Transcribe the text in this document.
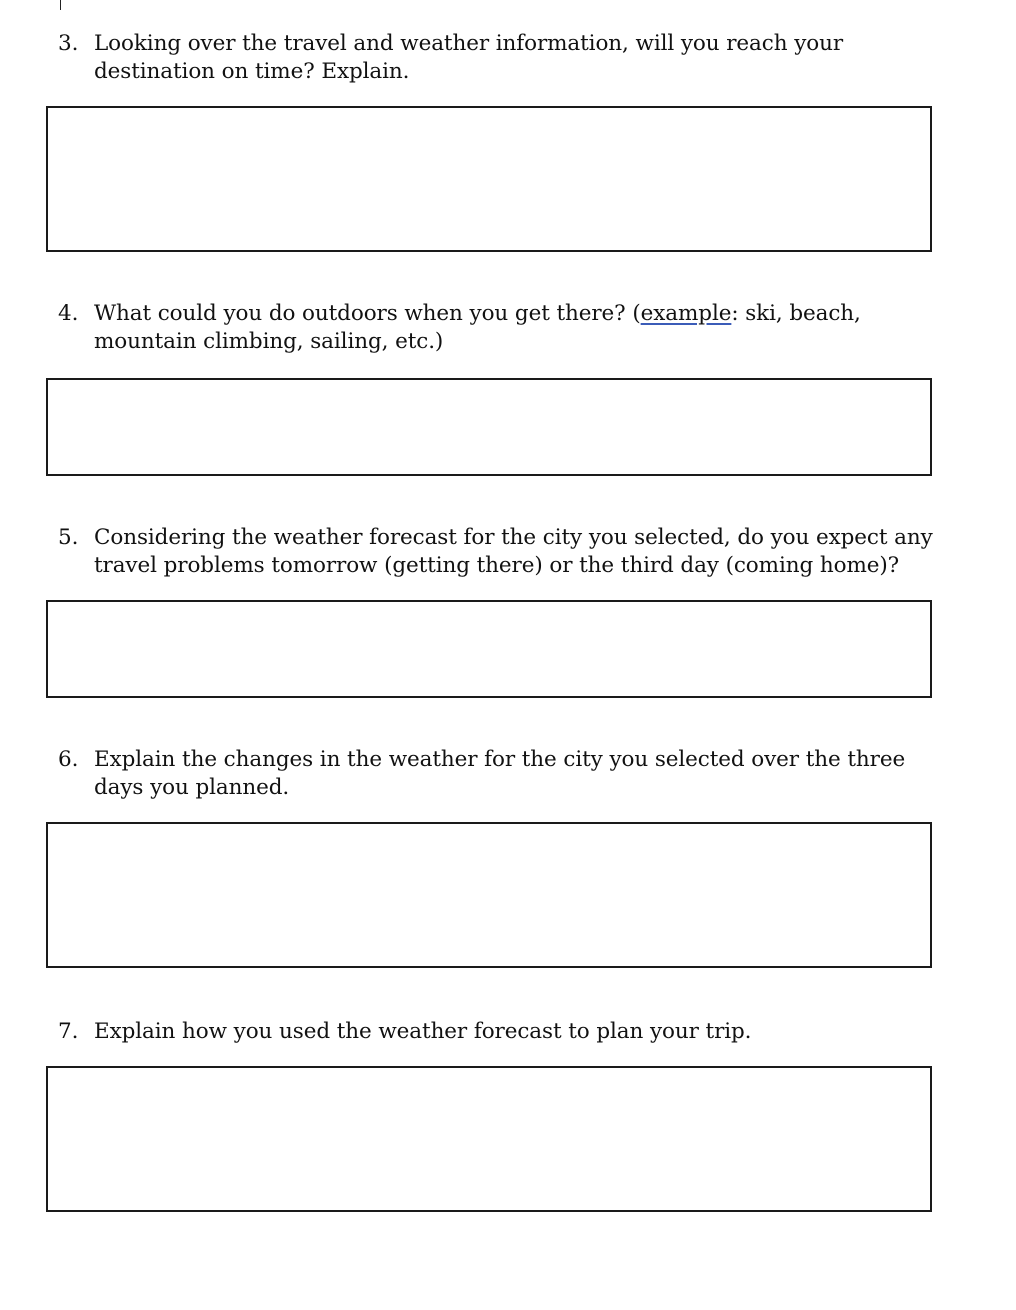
3. Looking over the travel and weather information, will you reach your destination on time? Explain.
4. What could you do outdoors when you get there? (example: ski, beach, mountain climbing, sailing, etc.)
5. Considering the weather forecast for the city you selected, do you expect any travel problems tomorrow (getting there) or the third day (coming home)?
6. Explain the changes in the weather for the city you selected over the three days you planned.
7. Explain how you used the weather forecast to plan your trip.
